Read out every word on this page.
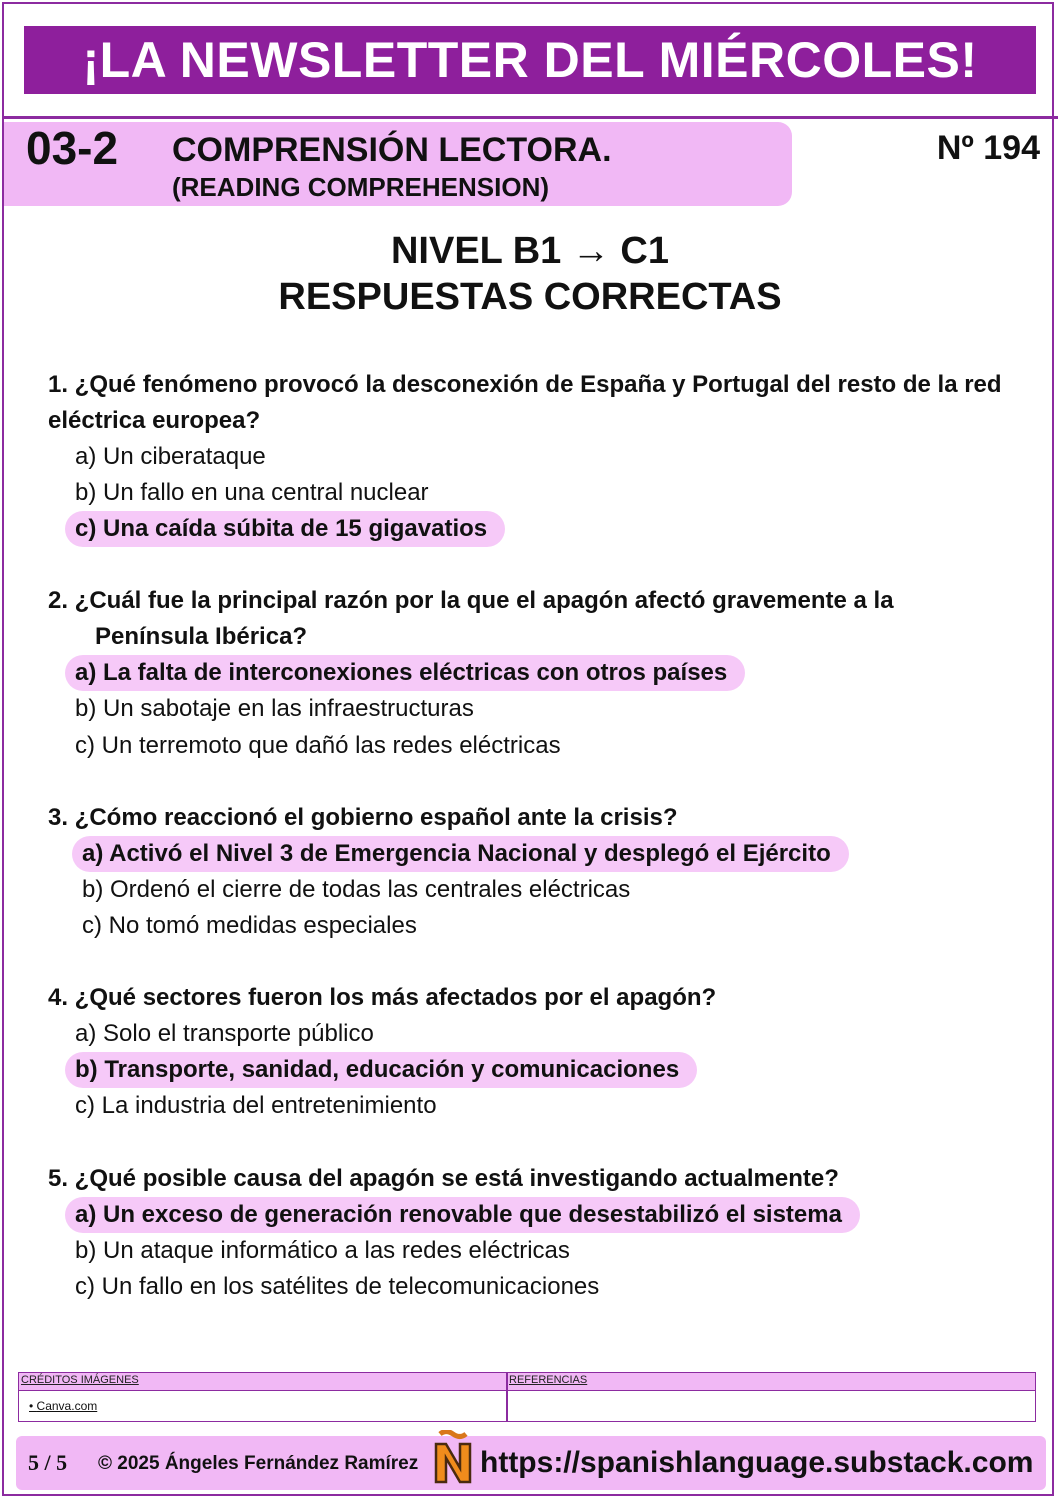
¡LA NEWSLETTER DEL MIÉRCOLES!
03-2 COMPRENSIÓN LECTORA.
(READING COMPREHENSION)
Nº 194
NIVEL B1 → C1
RESPUESTAS CORRECTAS
1. ¿Qué fenómeno provocó la desconexión de España y Portugal del resto de la red eléctrica europea?
a) Un ciberataque
b) Un fallo en una central nuclear
c) Una caída súbita de 15 gigavatios
2. ¿Cuál fue la principal razón por la que el apagón afectó gravemente a la
Península Ibérica?
a) La falta de interconexiones eléctricas con otros países
b) Un sabotaje en las infraestructuras
c) Un terremoto que dañó las redes eléctricas
3. ¿Cómo reaccionó el gobierno español ante la crisis?
a) Activó el Nivel 3 de Emergencia Nacional y desplegó el Ejército
b) Ordenó el cierre de todas las centrales eléctricas
c) No tomó medidas especiales
4. ¿Qué sectores fueron los más afectados por el apagón?
a) Solo el transporte público
b) Transporte, sanidad, educación y comunicaciones
c) La industria del entretenimiento
5. ¿Qué posible causa del apagón se está investigando actualmente?
a) Un exceso de generación renovable que desestabilizó el sistema
b) Un ataque informático a las redes eléctricas
c) Un fallo en los satélites de telecomunicaciones
CRÉDITOS IMÁGENES	REFERENCIAS
• Canva.com
5 / 5 © 2025 Ángeles Fernández Ramírez https://spanishlanguage.substack.com
